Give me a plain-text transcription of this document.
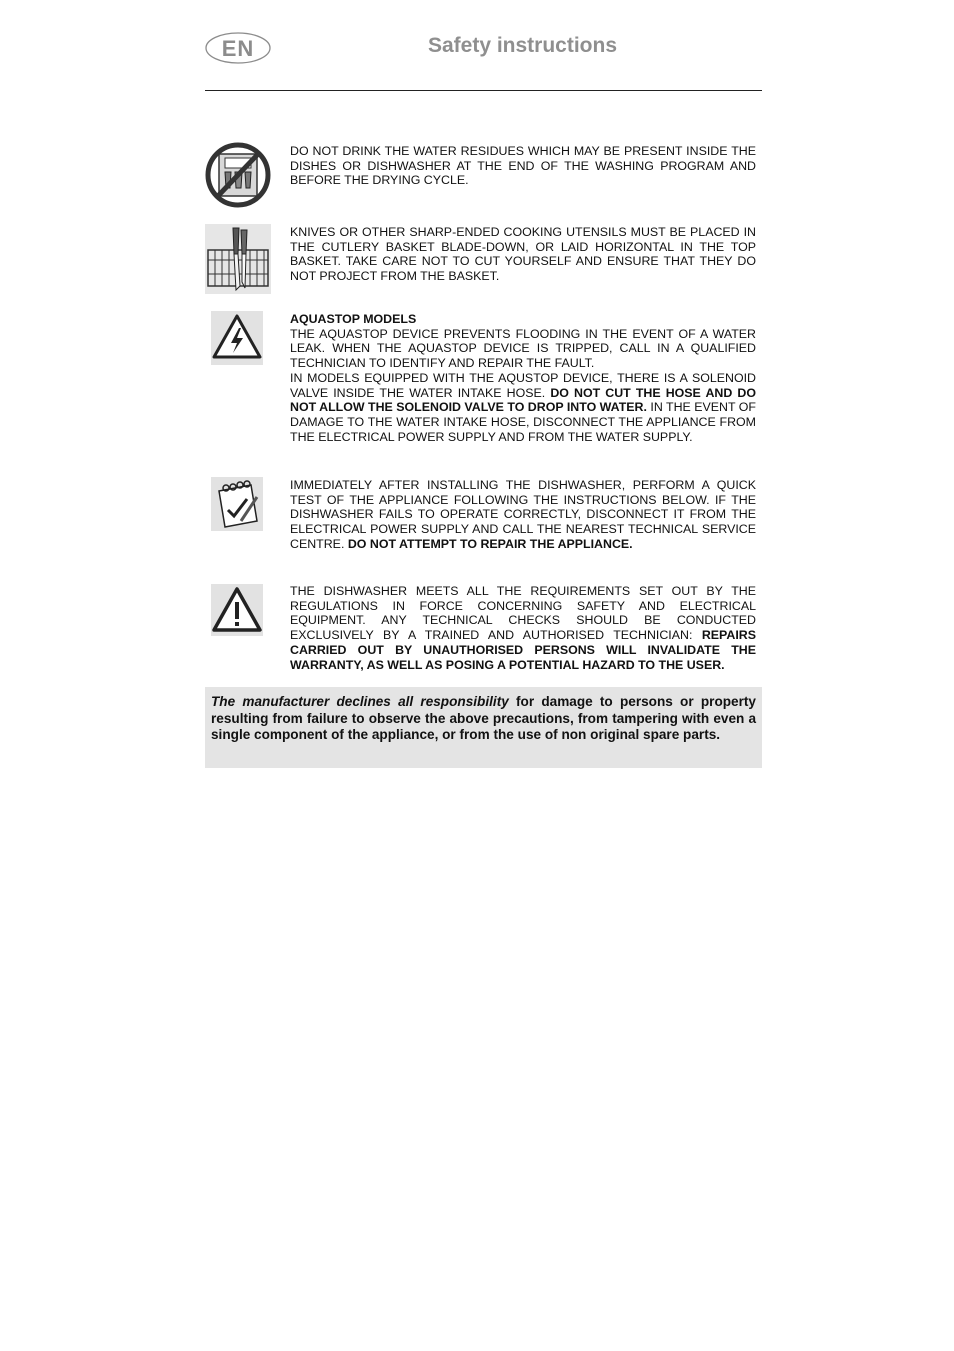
EN	Safety instructions

DO NOT DRINK THE WATER RESIDUES WHICH MAY BE PRESENT INSIDE THE DISHES OR DISHWASHER AT THE END OF THE WASHING PROGRAM AND BEFORE THE DRYING CYCLE.

KNIVES OR OTHER SHARP-ENDED COOKING UTENSILS MUST BE PLACED IN THE CUTLERY BASKET BLADE-DOWN, OR LAID HORIZONTAL IN THE TOP BASKET. TAKE CARE NOT TO CUT YOURSELF AND ENSURE THAT THEY DO NOT PROJECT FROM THE BASKET.

AQUASTOP MODELS

THE AQUASTOP DEVICE PREVENTS FLOODING IN THE EVENT OF A WATER LEAK. WHEN THE AQUASTOP DEVICE IS TRIPPED, CALL IN A QUALIFIED TECHNICIAN TO IDENTIFY AND REPAIR THE FAULT.

IN MODELS EQUIPPED WITH THE AQUSTOP DEVICE, THERE IS A SOLENOID VALVE INSIDE THE WATER INTAKE HOSE. DO NOT CUT THE HOSE AND DO NOT ALLOW THE SOLENOID VALVE TO DROP INTO WATER. IN THE EVENT OF DAMAGE TO THE WATER INTAKE HOSE, DISCONNECT THE APPLIANCE FROM THE ELECTRICAL POWER SUPPLY AND FROM THE WATER SUPPLY.

IMMEDIATELY AFTER INSTALLING THE DISHWASHER, PERFORM A QUICK TEST OF THE APPLIANCE FOLLOWING THE INSTRUCTIONS BELOW. IF THE DISHWASHER FAILS TO OPERATE CORRECTLY, DISCONNECT IT FROM THE ELECTRICAL POWER SUPPLY AND CALL THE NEAREST TECHNICAL SERVICE CENTRE. DO NOT ATTEMPT TO REPAIR THE APPLIANCE.

THE DISHWASHER MEETS ALL THE REQUIREMENTS SET OUT BY THE REGULATIONS IN FORCE CONCERNING SAFETY AND ELECTRICAL EQUIPMENT. ANY TECHNICAL CHECKS SHOULD BE CONDUCTED EXCLUSIVELY BY A TRAINED AND AUTHORISED TECHNICIAN: REPAIRS CARRIED OUT BY UNAUTHORISED PERSONS WILL INVALIDATE THE WARRANTY, AS WELL AS POSING A POTENTIAL HAZARD TO THE USER.

The manufacturer declines all responsibility for damage to persons or property resulting from failure to observe the above precautions, from tampering with even a single component of the appliance, or from the use of non original spare parts.
